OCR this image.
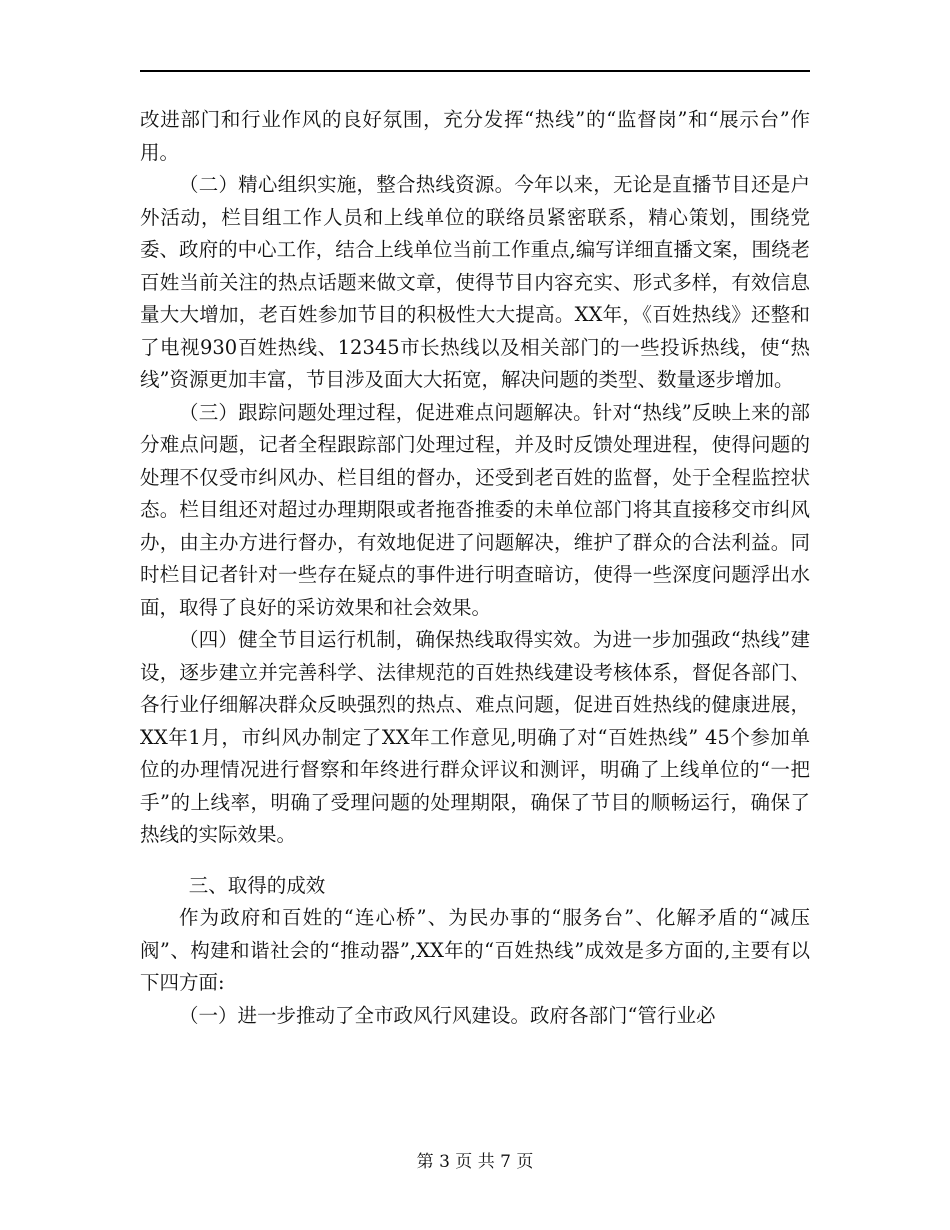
改进部门和行业作风的良好氛围，充分发挥“热线”的“监督岗”和“展示台”作用。

（二）精心组织实施，整合热线资源。今年以来，无论是直播节目还是户外活动，栏目组工作人员和上线单位的联络员紧密联系，精心策划，围绕党委、政府的中心工作，结合上线单位当前工作重点,编写详细直播文案，围绕老百姓当前关注的热点话题来做文章，使得节目内容充实、形式多样，有效信息量大大增加，老百姓参加节目的积极性大大提高。XX年，《百姓热线》还整和了电视930百姓热线、12345市长热线以及相关部门的一些投诉热线，使“热线”资源更加丰富，节目涉及面大大拓宽，解决问题的类型、数量逐步增加。

（三）跟踪问题处理过程，促进难点问题解决。针对“热线”反映上来的部分难点问题，记者全程跟踪部门处理过程，并及时反馈处理进程，使得问题的处理不仅受市纠风办、栏目组的督办，还受到老百姓的监督，处于全程监控状态。栏目组还对超过办理期限或者拖沓推委的未单位部门将其直接移交市纠风办，由主办方进行督办，有效地促进了问题解决，维护了群众的合法利益。同时栏目记者针对一些存在疑点的事件进行明查暗访，使得一些深度问题浮出水面，取得了良好的采访效果和社会效果。

（四）健全节目运行机制，确保热线取得实效。为进一步加强政“热线”建设，逐步建立并完善科学、法律规范的百姓热线建设考核体系，督促各部门、各行业仔细解决群众反映强烈的热点、难点问题，促进百姓热线的健康进展，XX年1月，市纠风办制定了XX年工作意见,明确了对“百姓热线” 45个参加单位的办理情况进行督察和年终进行群众评议和测评，明确了上线单位的“一把手”的上线率，明确了受理问题的处理期限，确保了节目的顺畅运行，确保了热线的实际效果。

三、取得的成效

作为政府和百姓的“连心桥”、为民办事的“服务台”、化解矛盾的“减压阀”、构建和谐社会的“推动器”,XX年的“百姓热线”成效是多方面的,主要有以下四方面:

（一）进一步推动了全市政风行风建设。政府各部门“管行业必

第 3 页 共 7 页
